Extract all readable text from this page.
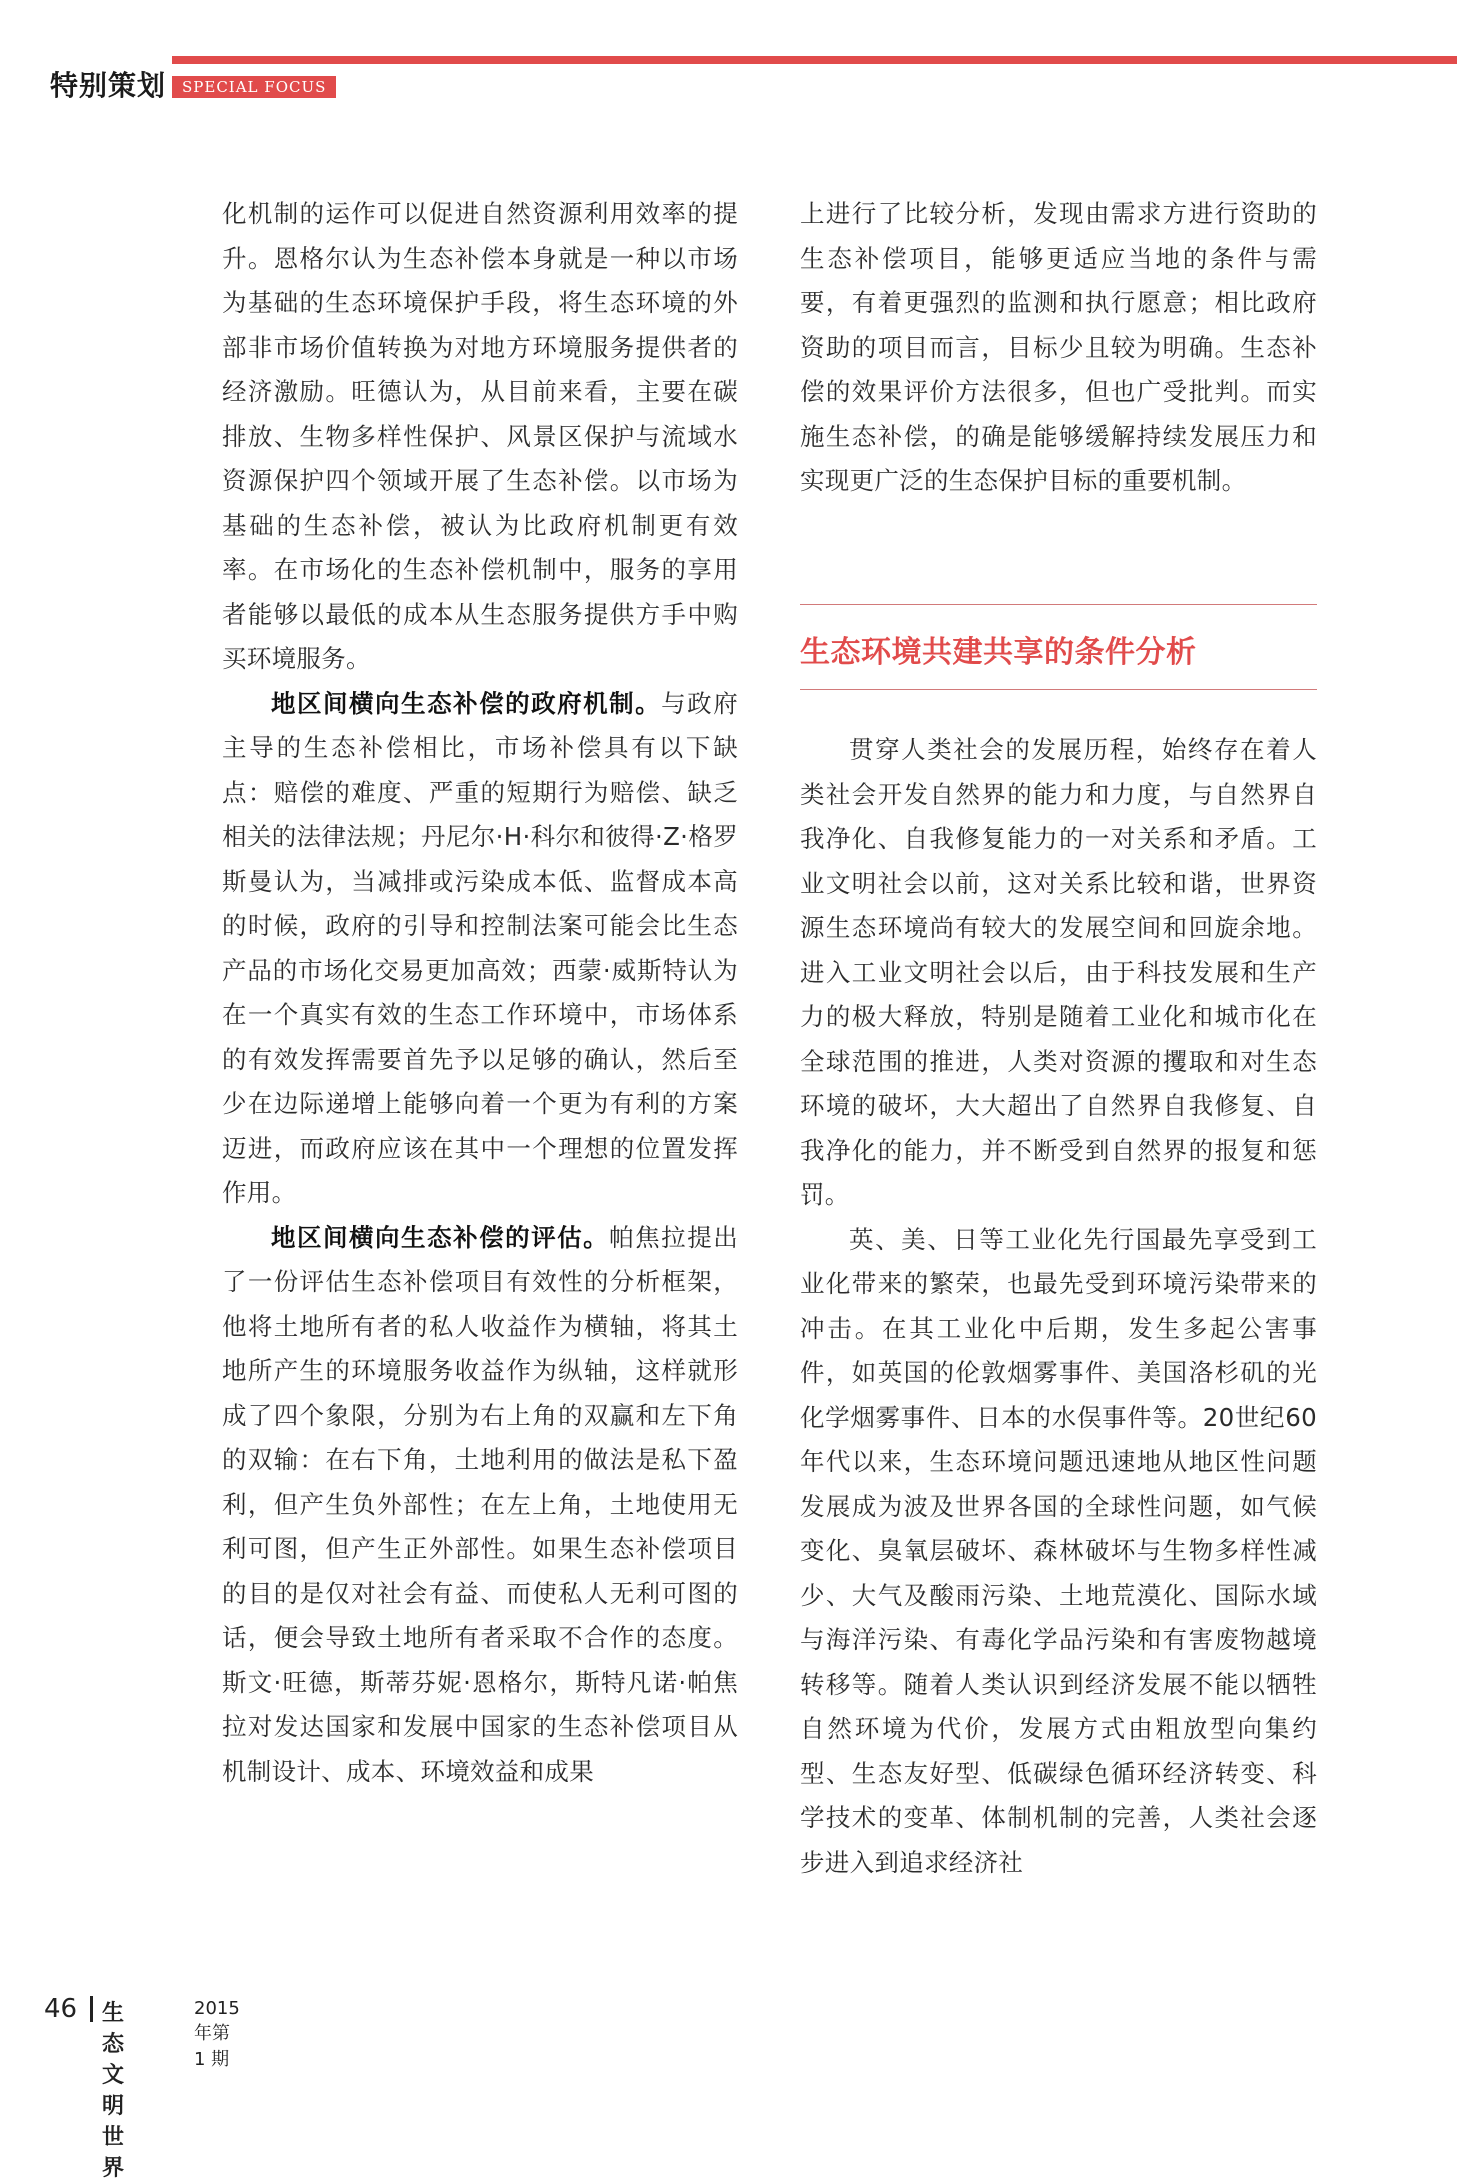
特别策划	SPECIAL FOCUS

化机制的运作可以促进自然资源利用效率的提升。恩格尔认为生态补偿本身就是一种以市场为基础的生态环境保护手段，将生态环境的外部非市场价值转换为对地方环境服务提供者的经济激励。旺德认为，从目前来看，主要在碳排放、生物多样性保护、风景区保护与流域水资源保护四个领域开展了生态补偿。以市场为基础的生态补偿，被认为比政府机制更有效率。在市场化的生态补偿机制中，服务的享用者能够以最低的成本从生态服务提供方手中购买环境服务。

地区间横向生态补偿的政府机制。与政府主导的生态补偿相比，市场补偿具有以下缺点：赔偿的难度、严重的短期行为赔偿、缺乏相关的法律法规；丹尼尔·H·科尔和彼得·Z·格罗斯曼认为，当减排或污染成本低、监督成本高的时候，政府的引导和控制法案可能会比生态产品的市场化交易更加高效；西蒙·威斯特认为在一个真实有效的生态工作环境中，市场体系的有效发挥需要首先予以足够的确认，然后至少在边际递增上能够向着一个更为有利的方案迈进，而政府应该在其中一个理想的位置发挥作用。

地区间横向生态补偿的评估。帕焦拉提出了一份评估生态补偿项目有效性的分析框架，他将土地所有者的私人收益作为横轴，将其土地所产生的环境服务收益作为纵轴，这样就形成了四个象限，分别为右上角的双赢和左下角的双输：在右下角，土地利用的做法是私下盈利，但产生负外部性；在左上角，土地使用无利可图，但产生正外部性。如果生态补偿项目的目的是仅对社会有益、而使私人无利可图的话，便会导致土地所有者采取不合作的态度。斯文·旺德，斯蒂芬妮·恩格尔，斯特凡诺·帕焦拉对发达国家和发展中国家的生态补偿项目从机制设计、成本、环境效益和成果

上进行了比较分析，发现由需求方进行资助的生态补偿项目，能够更适应当地的条件与需要，有着更强烈的监测和执行愿意；相比政府资助的项目而言，目标少且较为明确。生态补偿的效果评价方法很多，但也广受批判。而实施生态补偿，的确是能够缓解持续发展压力和实现更广泛的生态保护目标的重要机制。

生态环境共建共享的条件分析

贯穿人类社会的发展历程，始终存在着人类社会开发自然界的能力和力度，与自然界自我净化、自我修复能力的一对关系和矛盾。工业文明社会以前，这对关系比较和谐，世界资源生态环境尚有较大的发展空间和回旋余地。进入工业文明社会以后，由于科技发展和生产力的极大释放，特别是随着工业化和城市化在全球范围的推进，人类对资源的攫取和对生态环境的破坏，大大超出了自然界自我修复、自我净化的能力，并不断受到自然界的报复和惩罚。

英、美、日等工业化先行国最先享受到工业化带来的繁荣，也最先受到环境污染带来的冲击。在其工业化中后期，发生多起公害事件，如英国的伦敦烟雾事件、美国洛杉矶的光化学烟雾事件、日本的水俣事件等。20世纪60年代以来，生态环境问题迅速地从地区性问题发展成为波及世界各国的全球性问题，如气候变化、臭氧层破坏、森林破坏与生物多样性减少、大气及酸雨污染、土地荒漠化、国际水域与海洋污染、有毒化学品污染和有害废物越境转移等。随着人类认识到经济发展不能以牺牲自然环境为代价，发展方式由粗放型向集约型、生态友好型、低碳绿色循环经济转变、科学技术的变革、体制机制的完善，人类社会逐步进入到追求经济社

46 生态文明世界
2015 年第 1 期
